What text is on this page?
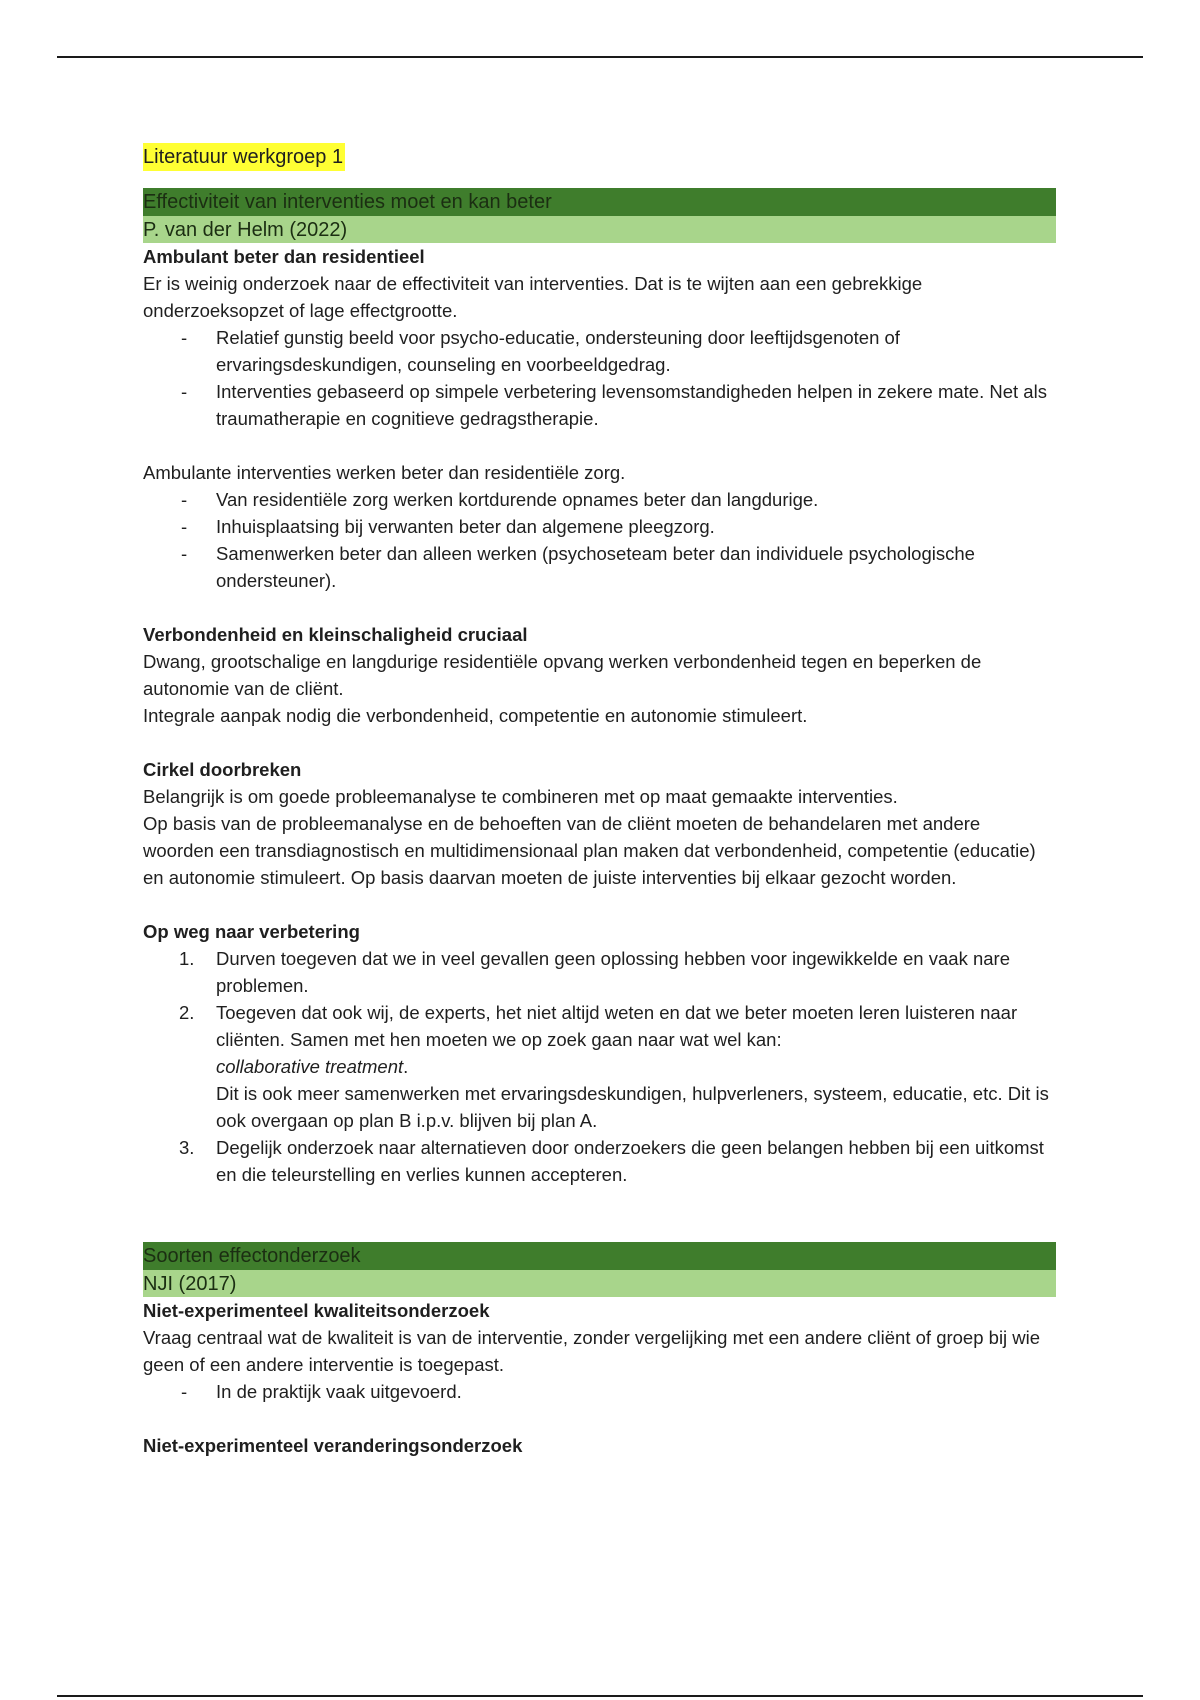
Literatuur werkgroep 1
Effectiviteit van interventies moet en kan beter
P. van der Helm (2022)

Ambulant beter dan residentieel

Er is weinig onderzoek naar de effectiviteit van interventies. Dat is te wijten aan een gebrekkige onderzoeksopzet of lage effectgrootte.

- Relatief gunstig beeld voor psycho-educatie, ondersteuning door leeftijdsgenoten of ervaringsdeskundigen, counseling en voorbeeldgedrag.
- Interventies gebaseerd op simpele verbetering levensomstandigheden helpen in zekere mate. Net als traumatherapie en cognitieve gedragstherapie.

Ambulante interventies werken beter dan residentiële zorg.

- Van residentiële zorg werken kortdurende opnames beter dan langdurige.
- Inhuisplaatsing bij verwanten beter dan algemene pleegzorg.
- Samenwerken beter dan alleen werken (psychoseteam beter dan individuele psychologische ondersteuner).

Verbondenheid en kleinschaligheid cruciaal

Dwang, grootschalige en langdurige residentiële opvang werken verbondenheid tegen en beperken de autonomie van de cliënt.

Integrale aanpak nodig die verbondenheid, competentie en autonomie stimuleert.

Cirkel doorbreken

Belangrijk is om goede probleemanalyse te combineren met op maat gemaakte interventies.

Op basis van de probleemanalyse en de behoeften van de cliënt moeten de behandelaren met andere woorden een transdiagnostisch en multidimensionaal plan maken dat verbondenheid, competentie (educatie) en autonomie stimuleert. Op basis daarvan moeten de juiste interventies bij elkaar gezocht worden.

Op weg naar verbetering

1. Durven toegeven dat we in veel gevallen geen oplossing hebben voor ingewikkelde en vaak nare problemen.
2. Toegeven dat ook wij, de experts, het niet altijd weten en dat we beter moeten leren luisteren naar cliënten. Samen met hen moeten we op zoek gaan naar wat wel kan:
collaborative treatment.
Dit is ook meer samenwerken met ervaringsdeskundigen, hulpverleners, systeem, educatie, etc. Dit is ook overgaan op plan B i.p.v. blijven bij plan A.
3. Degelijk onderzoek naar alternatieven door onderzoekers die geen belangen hebben bij een uitkomst en die teleurstelling en verlies kunnen accepteren.
Soorten effectonderzoek
NJI (2017)

Niet-experimenteel kwaliteitsonderzoek

Vraag centraal wat de kwaliteit is van de interventie, zonder vergelijking met een andere cliënt of groep bij wie geen of een andere interventie is toegepast.

- In de praktijk vaak uitgevoerd.

Niet-experimenteel veranderingsonderzoek
